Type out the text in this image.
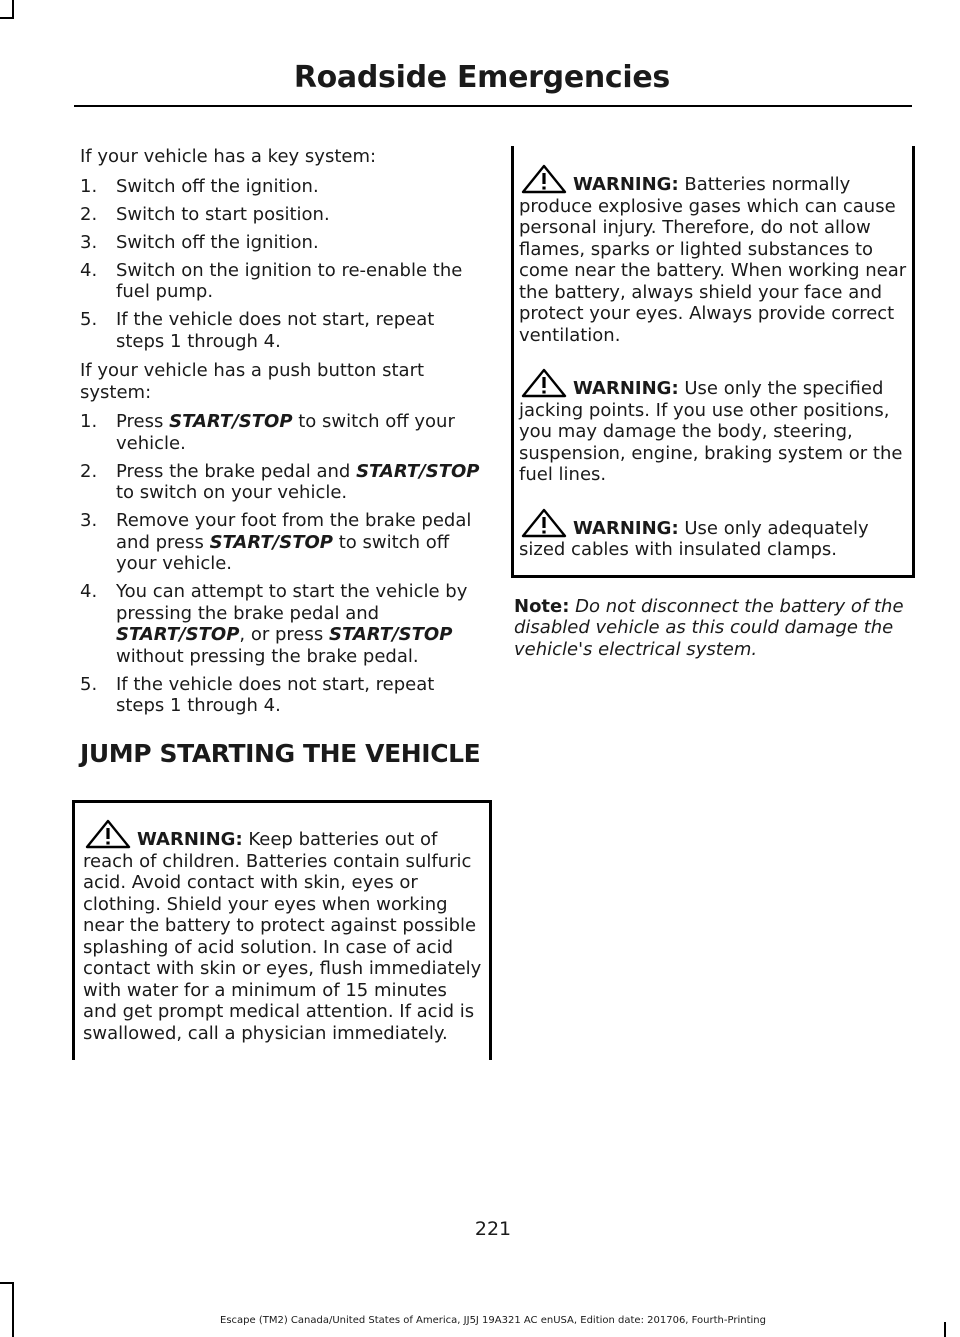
Roadside Emergencies

If your vehicle has a key system:

1. Switch off the ignition.
2. Switch to start position.
3. Switch off the ignition.
4. Switch on the ignition to re-enable the fuel pump.
5. If the vehicle does not start, repeat steps 1 through 4.

If your vehicle has a push button start system:

1. Press START/STOP to switch off your vehicle.
2. Press the brake pedal and START/STOP to switch on your vehicle.
3. Remove your foot from the brake pedal and press START/STOP to switch off your vehicle.
4. You can attempt to start the vehicle by pressing the brake pedal and START/STOP, or press START/STOP without pressing the brake pedal.
5. If the vehicle does not start, repeat steps 1 through 4.
JUMP STARTING THE VEHICLE
WARNING: Keep batteries out of reach of children. Batteries contain sulfuric acid. Avoid contact with skin, eyes or clothing. Shield your eyes when working near the battery to protect against possible splashing of acid solution. In case of acid contact with skin or eyes, flush immediately with water for a minimum of 15 minutes and get prompt medical attention. If acid is swallowed, call a physician immediately.
WARNING: Batteries normally produce explosive gases which can cause personal injury. Therefore, do not allow flames, sparks or lighted substances to come near the battery. When working near the battery, always shield your face and protect your eyes. Always provide correct ventilation.
WARNING: Use only the specified jacking points. If you use other positions, you may damage the body, steering, suspension, engine, braking system or the fuel lines.
WARNING: Use only adequately sized cables with insulated clamps.

Note: Do not disconnect the battery of the disabled vehicle as this could damage the vehicle's electrical system.

221
Escape (TM2) Canada/United States of America, JJ5J 19A321 AC enUSA, Edition date: 201706, Fourth-Printing
